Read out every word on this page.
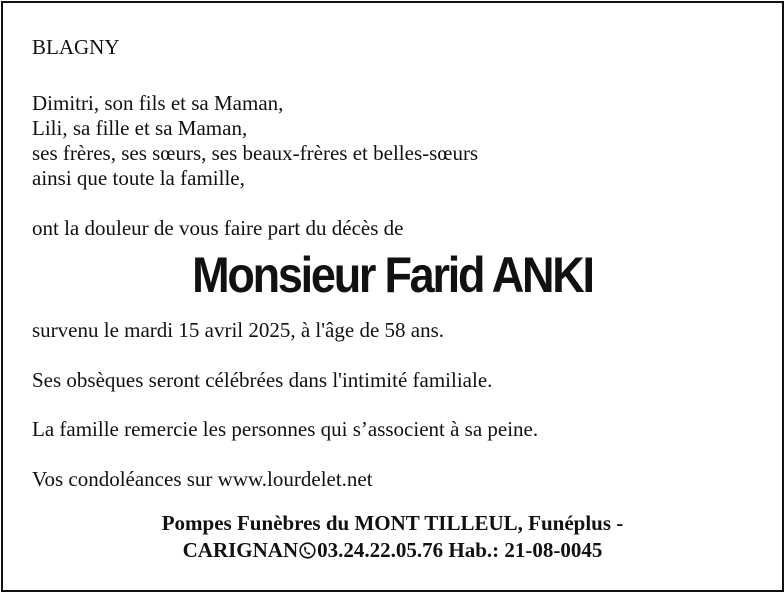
BLAGNY
Dimitri, son fils et sa Maman,
Lili, sa fille et sa Maman,
ses frères, ses sœurs, ses beaux-frères et belles-sœurs
ainsi que toute la famille,
ont la douleur de vous faire part du décès de
Monsieur Farid ANKI
survenu le mardi 15 avril 2025, à l'âge de 58 ans.
Ses obsèques seront célébrées dans l'intimité familiale.
La famille remercie les personnes qui s’associent à sa peine.
Vos condoléances sur www.lourdelet.net
Pompes Funèbres du MONT TILLEUL, Funéplus -
CARIGNAN 03.24.22.05.76 Hab.: 21-08-0045
